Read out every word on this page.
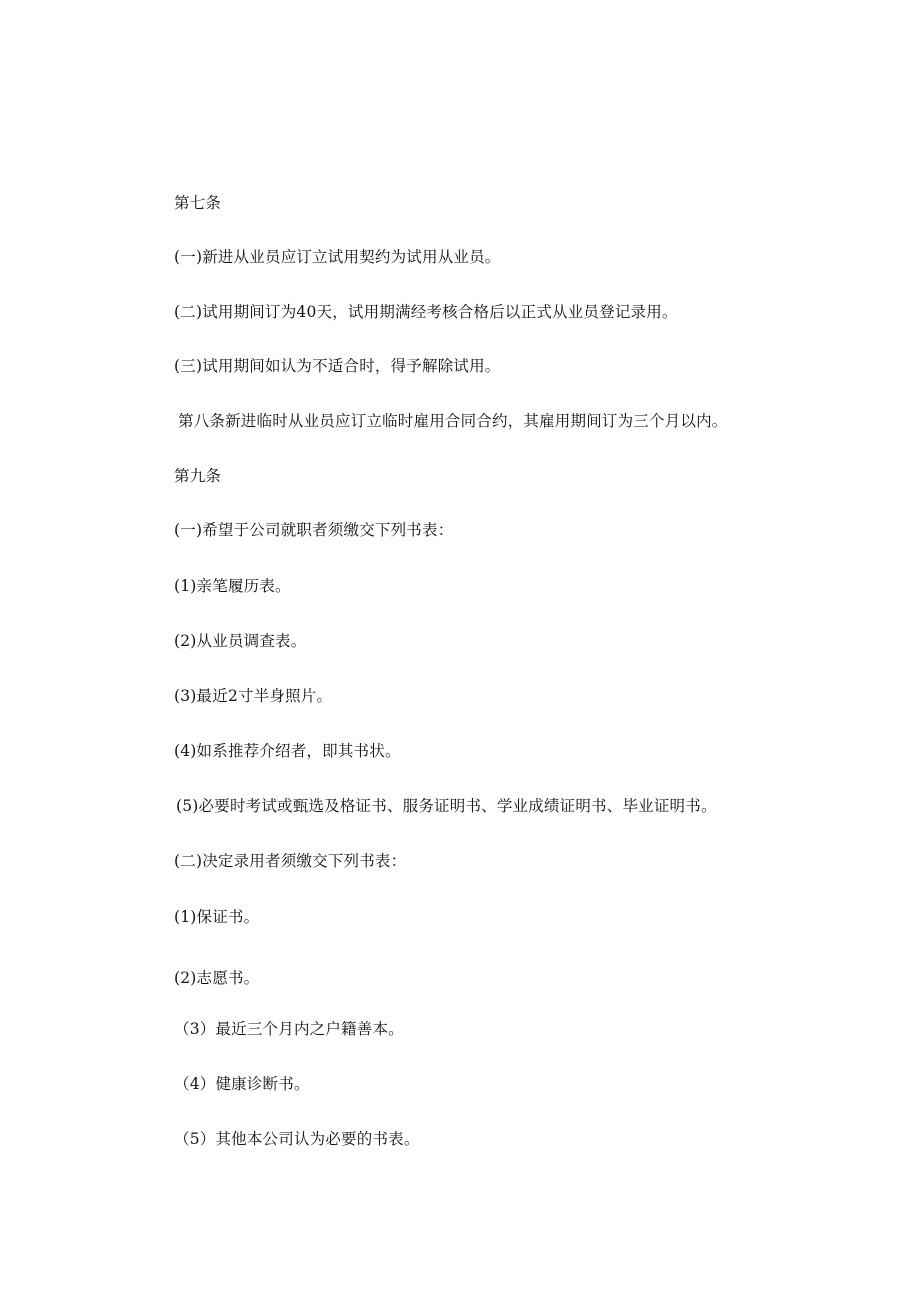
第七条
(一)新进从业员应订立试用契约为试用从业员。
(二)试用期间订为40天，试用期满经考核合格后以正式从业员登记录用。
(三)试用期间如认为不适合时，得予解除试用。
第八条新进临时从业员应订立临时雇用合同合约，其雇用期间订为三个月以内。
第九条
(一)希望于公司就职者须缴交下列书表：
(1)亲笔履历表。
(2)从业员调查表。
(3)最近2寸半身照片。
(4)如系推荐介绍者，即其书状。
(5)必要时考试或甄选及格证书、服务证明书、学业成绩证明书、毕业证明书。
(二)决定录用者须缴交下列书表：
(1)保证书。
(2)志愿书。
（3）最近三个月内之户籍善本。
（4）健康诊断书。
（5）其他本公司认为必要的书表。
